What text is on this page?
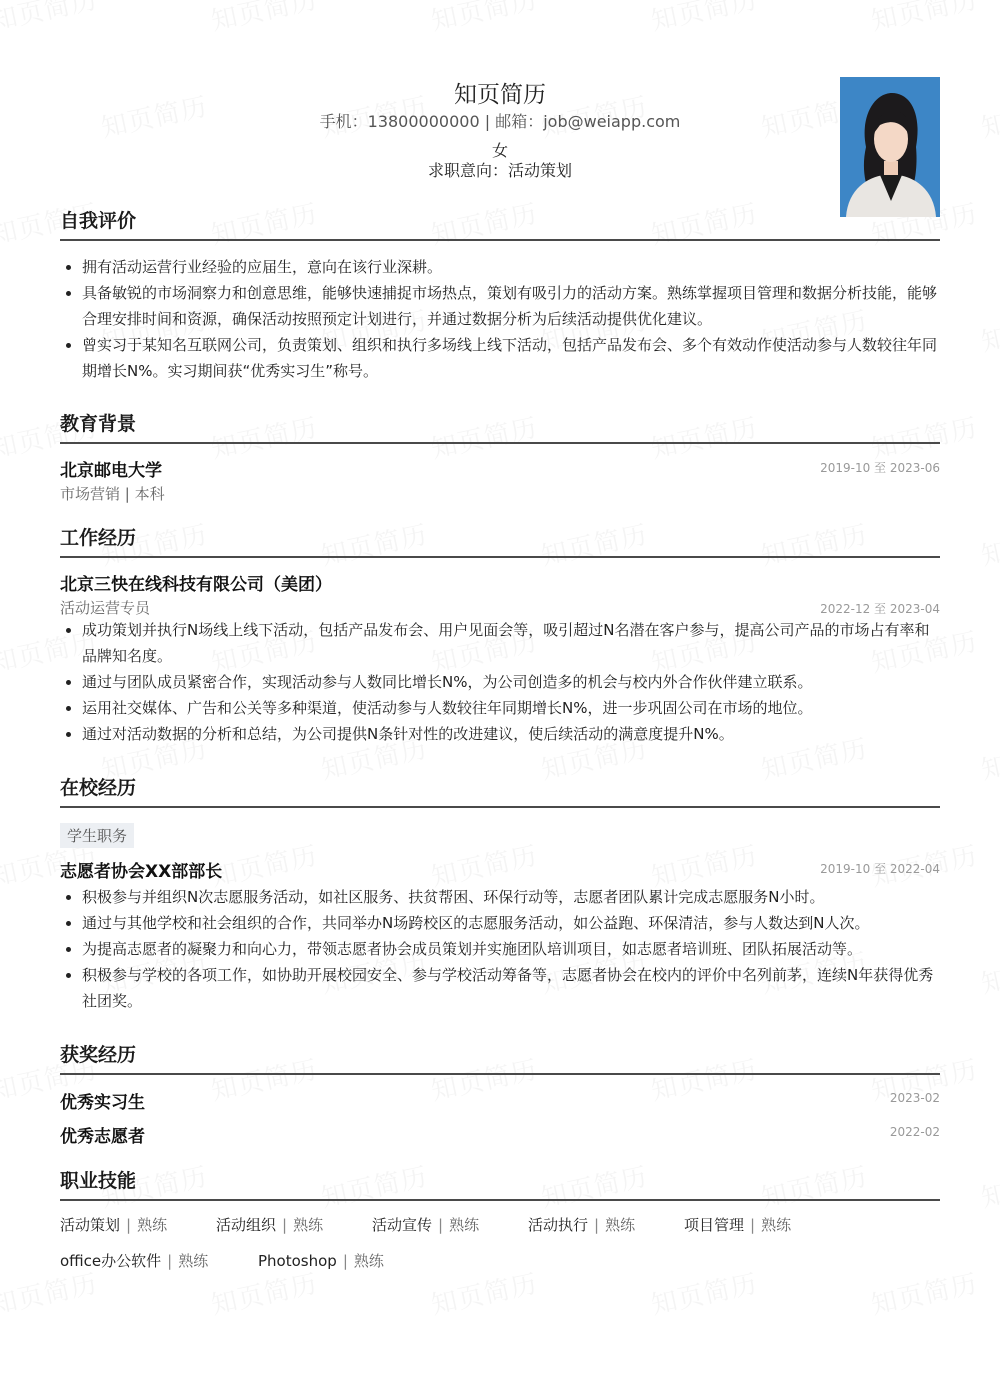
知页简历
手机：13800000000 | 邮箱：job@weiapp.com
女
求职意向：活动策划
自我评价
拥有活动运营行业经验的应届生，意向在该行业深耕。
具备敏锐的市场洞察力和创意思维，能够快速捕捉市场热点，策划有吸引力的活动方案。熟练掌握项目管理和数据分析技能，能够合理安排时间和资源，确保活动按照预定计划进行，并通过数据分析为后续活动提供优化建议。
曾实习于某知名互联网公司，负责策划、组织和执行多场线上线下活动，包括产品发布会、多个有效动作使活动参与人数较往年同期增长N%。实习期间获“优秀实习生”称号。
教育背景
北京邮电大学	2019-10 至 2023-06
市场营销 | 本科
工作经历
北京三快在线科技有限公司（美团）
活动运营专员	2022-12 至 2023-04
成功策划并执行N场线上线下活动，包括产品发布会、用户见面会等，吸引超过N名潜在客户参与，提高公司产品的市场占有率和品牌知名度。
通过与团队成员紧密合作，实现活动参与人数同比增长N%，为公司创造多的机会与校内外合作伙伴建立联系。
运用社交媒体、广告和公关等多种渠道，使活动参与人数较往年同期增长N%，进一步巩固公司在市场的地位。
通过对活动数据的分析和总结，为公司提供N条针对性的改进建议，使后续活动的满意度提升N%。
在校经历
学生职务
志愿者协会XX部部长	2019-10 至 2022-04
积极参与并组织N次志愿服务活动，如社区服务、扶贫帮困、环保行动等，志愿者团队累计完成志愿服务N小时。
通过与其他学校和社会组织的合作，共同举办N场跨校区的志愿服务活动，如公益跑、环保清洁，参与人数达到N人次。
为提高志愿者的凝聚力和向心力，带领志愿者协会成员策划并实施团队培训项目，如志愿者培训班、团队拓展活动等。
积极参与学校的各项工作，如协助开展校园安全、参与学校活动筹备等，志愿者协会在校内的评价中名列前茅，连续N年获得优秀社团奖。
获奖经历
优秀实习生	2023-02
优秀志愿者	2022-02
职业技能
活动策划 | 熟练	活动组织 | 熟练	活动宣传 | 熟练	活动执行 | 熟练	项目管理 | 熟练
office办公软件 | 熟练	Photoshop | 熟练
